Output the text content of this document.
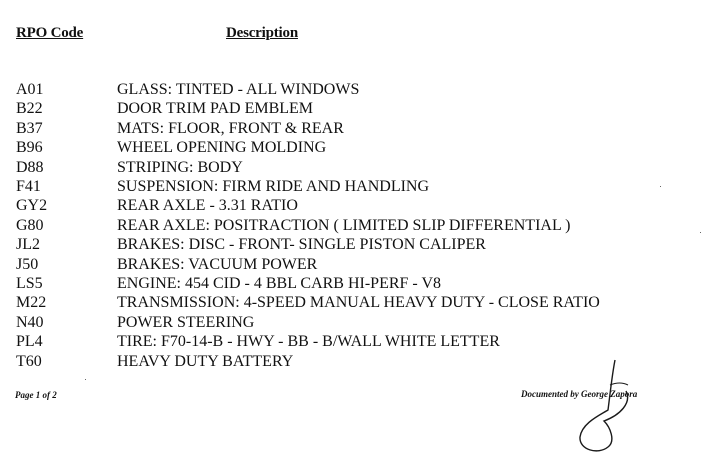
RPO Code	Description
A01	GLASS: TINTED - ALL WINDOWS
B22	DOOR TRIM PAD EMBLEM
B37	MATS: FLOOR, FRONT & REAR
B96	WHEEL OPENING MOLDING
D88	STRIPING: BODY
F41	SUSPENSION: FIRM RIDE AND HANDLING
GY2	REAR AXLE - 3.31 RATIO
G80	REAR AXLE: POSITRACTION ( LIMITED SLIP DIFFERENTIAL )
JL2	BRAKES: DISC - FRONT- SINGLE PISTON CALIPER
J50	BRAKES: VACUUM POWER
LS5	ENGINE: 454 CID - 4 BBL CARB HI-PERF - V8
M22	TRANSMISSION: 4-SPEED MANUAL HEAVY DUTY - CLOSE RATIO
N40	POWER STEERING
PL4	TIRE: F70-14-B - HWY - BB - B/WALL WHITE LETTER
T60	HEAVY DUTY BATTERY
Page 1 of 2	Documented by George Zapora
